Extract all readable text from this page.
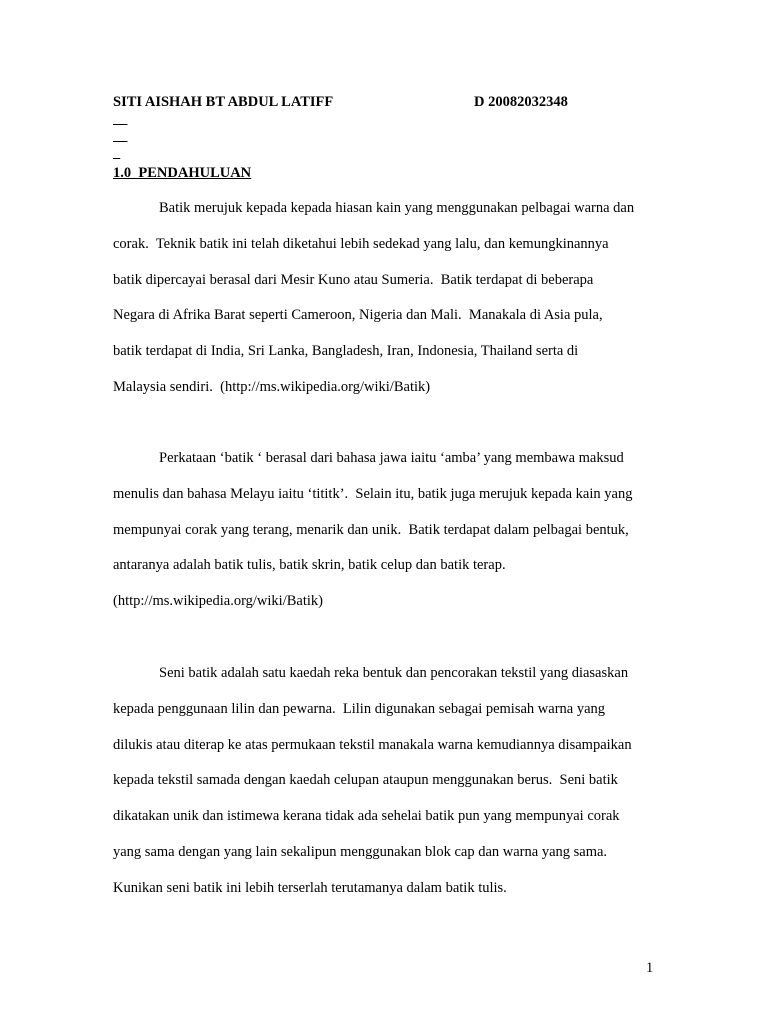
SITI AISHAH BT ABDUL LATIFF

	D 20082032348

1.0  PENDAHULUAN
Batik merujuk kepada kepada hiasan kain yang menggunakan pelbagai warna dan
corak.  Teknik batik ini telah diketahui lebih sedekad yang lalu, dan kemungkinannya
batik dipercayai berasal dari Mesir Kuno atau Sumeria.  Batik terdapat di beberapa
Negara di Afrika Barat seperti Cameroon, Nigeria dan Mali.  Manakala di Asia pula,
batik terdapat di India, Sri Lanka, Bangladesh, Iran, Indonesia, Thailand serta di
Malaysia sendiri.  (http://ms.wikipedia.org/wiki/Batik)
Perkataan ‘batik ‘ berasal dari bahasa jawa iaitu ‘amba’ yang membawa maksud
menulis dan bahasa Melayu iaitu ‘tititk’.  Selain itu, batik juga merujuk kepada kain yang
mempunyai corak yang terang, menarik dan unik.  Batik terdapat dalam pelbagai bentuk,
antaranya adalah batik tulis, batik skrin, batik celup dan batik terap.
(http://ms.wikipedia.org/wiki/Batik)
Seni batik adalah satu kaedah reka bentuk dan pencorakan tekstil yang diasaskan
kepada penggunaan lilin dan pewarna.  Lilin digunakan sebagai pemisah warna yang
dilukis atau diterap ke atas permukaan tekstil manakala warna kemudiannya disampaikan
kepada tekstil samada dengan kaedah celupan ataupun menggunakan berus.  Seni batik
dikatakan unik dan istimewa kerana tidak ada sehelai batik pun yang mempunyai corak
yang sama dengan yang lain sekalipun menggunakan blok cap dan warna yang sama.
Kunikan seni batik ini lebih terserlah terutamanya dalam batik tulis.
1
